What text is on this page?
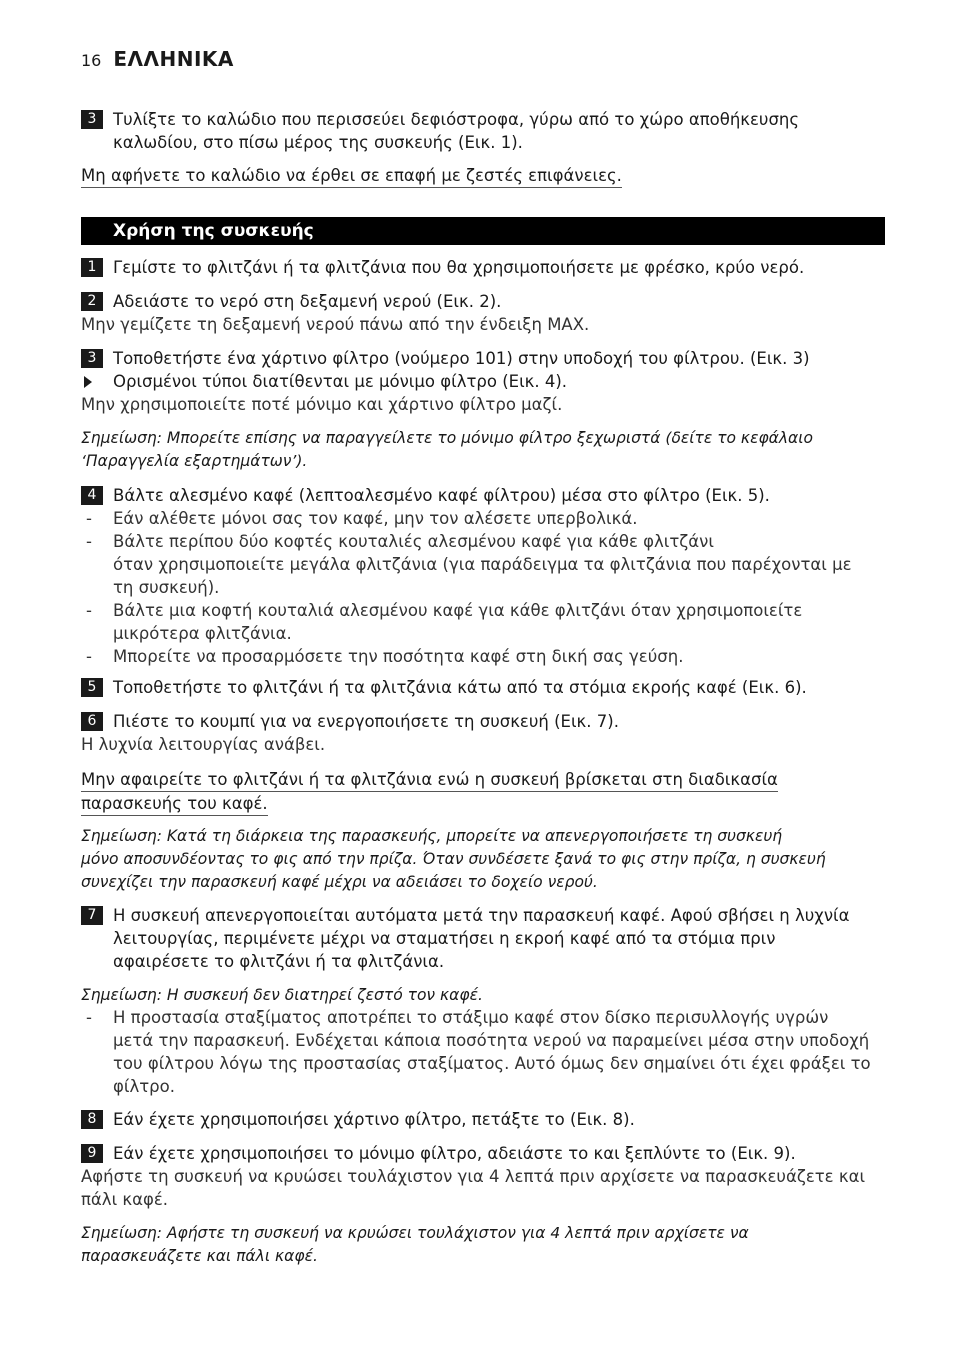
16 ΕΛΛΗΝΙΚΑ
3	Τυλίξτε το καλώδιο που περισσεύει δεφιόστροφα, γύρω από το χώρο αποθήκευσης
καλωδίου, στο πίσω μέρος της συσκευής (Εικ. 1).
Μη αφήνετε το καλώδιο να έρθει σε επαφή με ζεστές επιφάνειες.
Χρήση της συσκευής
1	Γεμίστε το φλιτζάνι ή τα φλιτζάνια που θα χρησιμοποιήσετε με φρέσκο, κρύο νερό.
2	Αδειάστε το νερό στη δεξαμενή νερού (Εικ. 2).
Μην γεμίζετε τη δεξαμενή νερού πάνω από την ένδειξη MAX.
3	Τοποθετήστε ένα χάρτινο φίλτρο (νούμερο 101) στην υποδοχή του φίλτρου. (Εικ. 3)
Ορισμένοι τύποι διατίθενται με μόνιμο φίλτρο (Εικ. 4).
Μην χρησιμοποιείτε ποτέ μόνιμο και χάρτινο φίλτρο μαζί.
Σημείωση: Μπορείτε επίσης να παραγγείλετε το μόνιμο φίλτρο ξεχωριστά (δείτε το κεφάλαιο
‘Παραγγελία εξαρτημάτων’).
4	Βάλτε αλεσμένο καφέ (λεπτοαλεσμένο καφέ φίλτρου) μέσα στο φίλτρο (Εικ. 5).
- Εάν αλέθετε μόνοι σας τον καφέ, μην τον αλέσετε υπερβολικά.
- Βάλτε περίπου δύο κοφτές κουταλιές αλεσμένου καφέ για κάθε φλιτζάνι
όταν χρησιμοποιείτε μεγάλα φλιτζάνια (για παράδειγμα τα φλιτζάνια που παρέχονται με
τη συσκευή).
- Βάλτε μια κοφτή κουταλιά αλεσμένου καφέ για κάθε φλιτζάνι όταν χρησιμοποιείτε
μικρότερα φλιτζάνια.
- Μπορείτε να προσαρμόσετε την ποσότητα καφέ στη δική σας γεύση.
5	Τοποθετήστε το φλιτζάνι ή τα φλιτζάνια κάτω από τα στόμια εκροής καφέ (Εικ. 6).
6	Πιέστε το κουμπί για να ενεργοποιήσετε τη συσκευή (Εικ. 7).
Η λυχνία λειτουργίας ανάβει.
Μην αφαιρείτε το φλιτζάνι ή τα φλιτζάνια ενώ η συσκευή βρίσκεται στη διαδικασία
παρασκευής του καφέ.
Σημείωση: Κατά τη διάρκεια της παρασκευής, μπορείτε να απενεργοποιήσετε τη συσκευή
μόνο αποσυνδέοντας το φις από την πρίζα. Όταν συνδέσετε ξανά το φις στην πρίζα, η συσκευή
συνεχίζει την παρασκευή καφέ μέχρι να αδειάσει το δοχείο νερού.
7	Η συσκευή απενεργοποιείται αυτόματα μετά την παρασκευή καφέ. Αφού σβήσει η λυχνία
λειτουργίας, περιμένετε μέχρι να σταματήσει η εκροή καφέ από τα στόμια πριν
αφαιρέσετε το φλιτζάνι ή τα φλιτζάνια.
Σημείωση: Η συσκευή δεν διατηρεί ζεστό τον καφέ.
- Η προστασία σταξίματος αποτρέπει το στάξιμο καφέ στον δίσκο περισυλλογής υγρών
μετά την παρασκευή. Ενδέχεται κάποια ποσότητα νερού να παραμείνει μέσα στην υποδοχή
του φίλτρου λόγω της προστασίας σταξίματος. Αυτό όμως δεν σημαίνει ότι έχει φράξει το
φίλτρο.
8	Εάν έχετε χρησιμοποιήσει χάρτινο φίλτρο, πετάξτε το (Εικ. 8).
9	Εάν έχετε χρησιμοποιήσει το μόνιμο φίλτρο, αδειάστε το και ξεπλύντε το (Εικ. 9).
Αφήστε τη συσκευή να κρυώσει τουλάχιστον για 4 λεπτά πριν αρχίσετε να παρασκευάζετε και
πάλι καφέ.
Σημείωση: Αφήστε τη συσκευή να κρυώσει τουλάχιστον για 4 λεπτά πριν αρχίσετε να
παρασκευάζετε και πάλι καφέ.
